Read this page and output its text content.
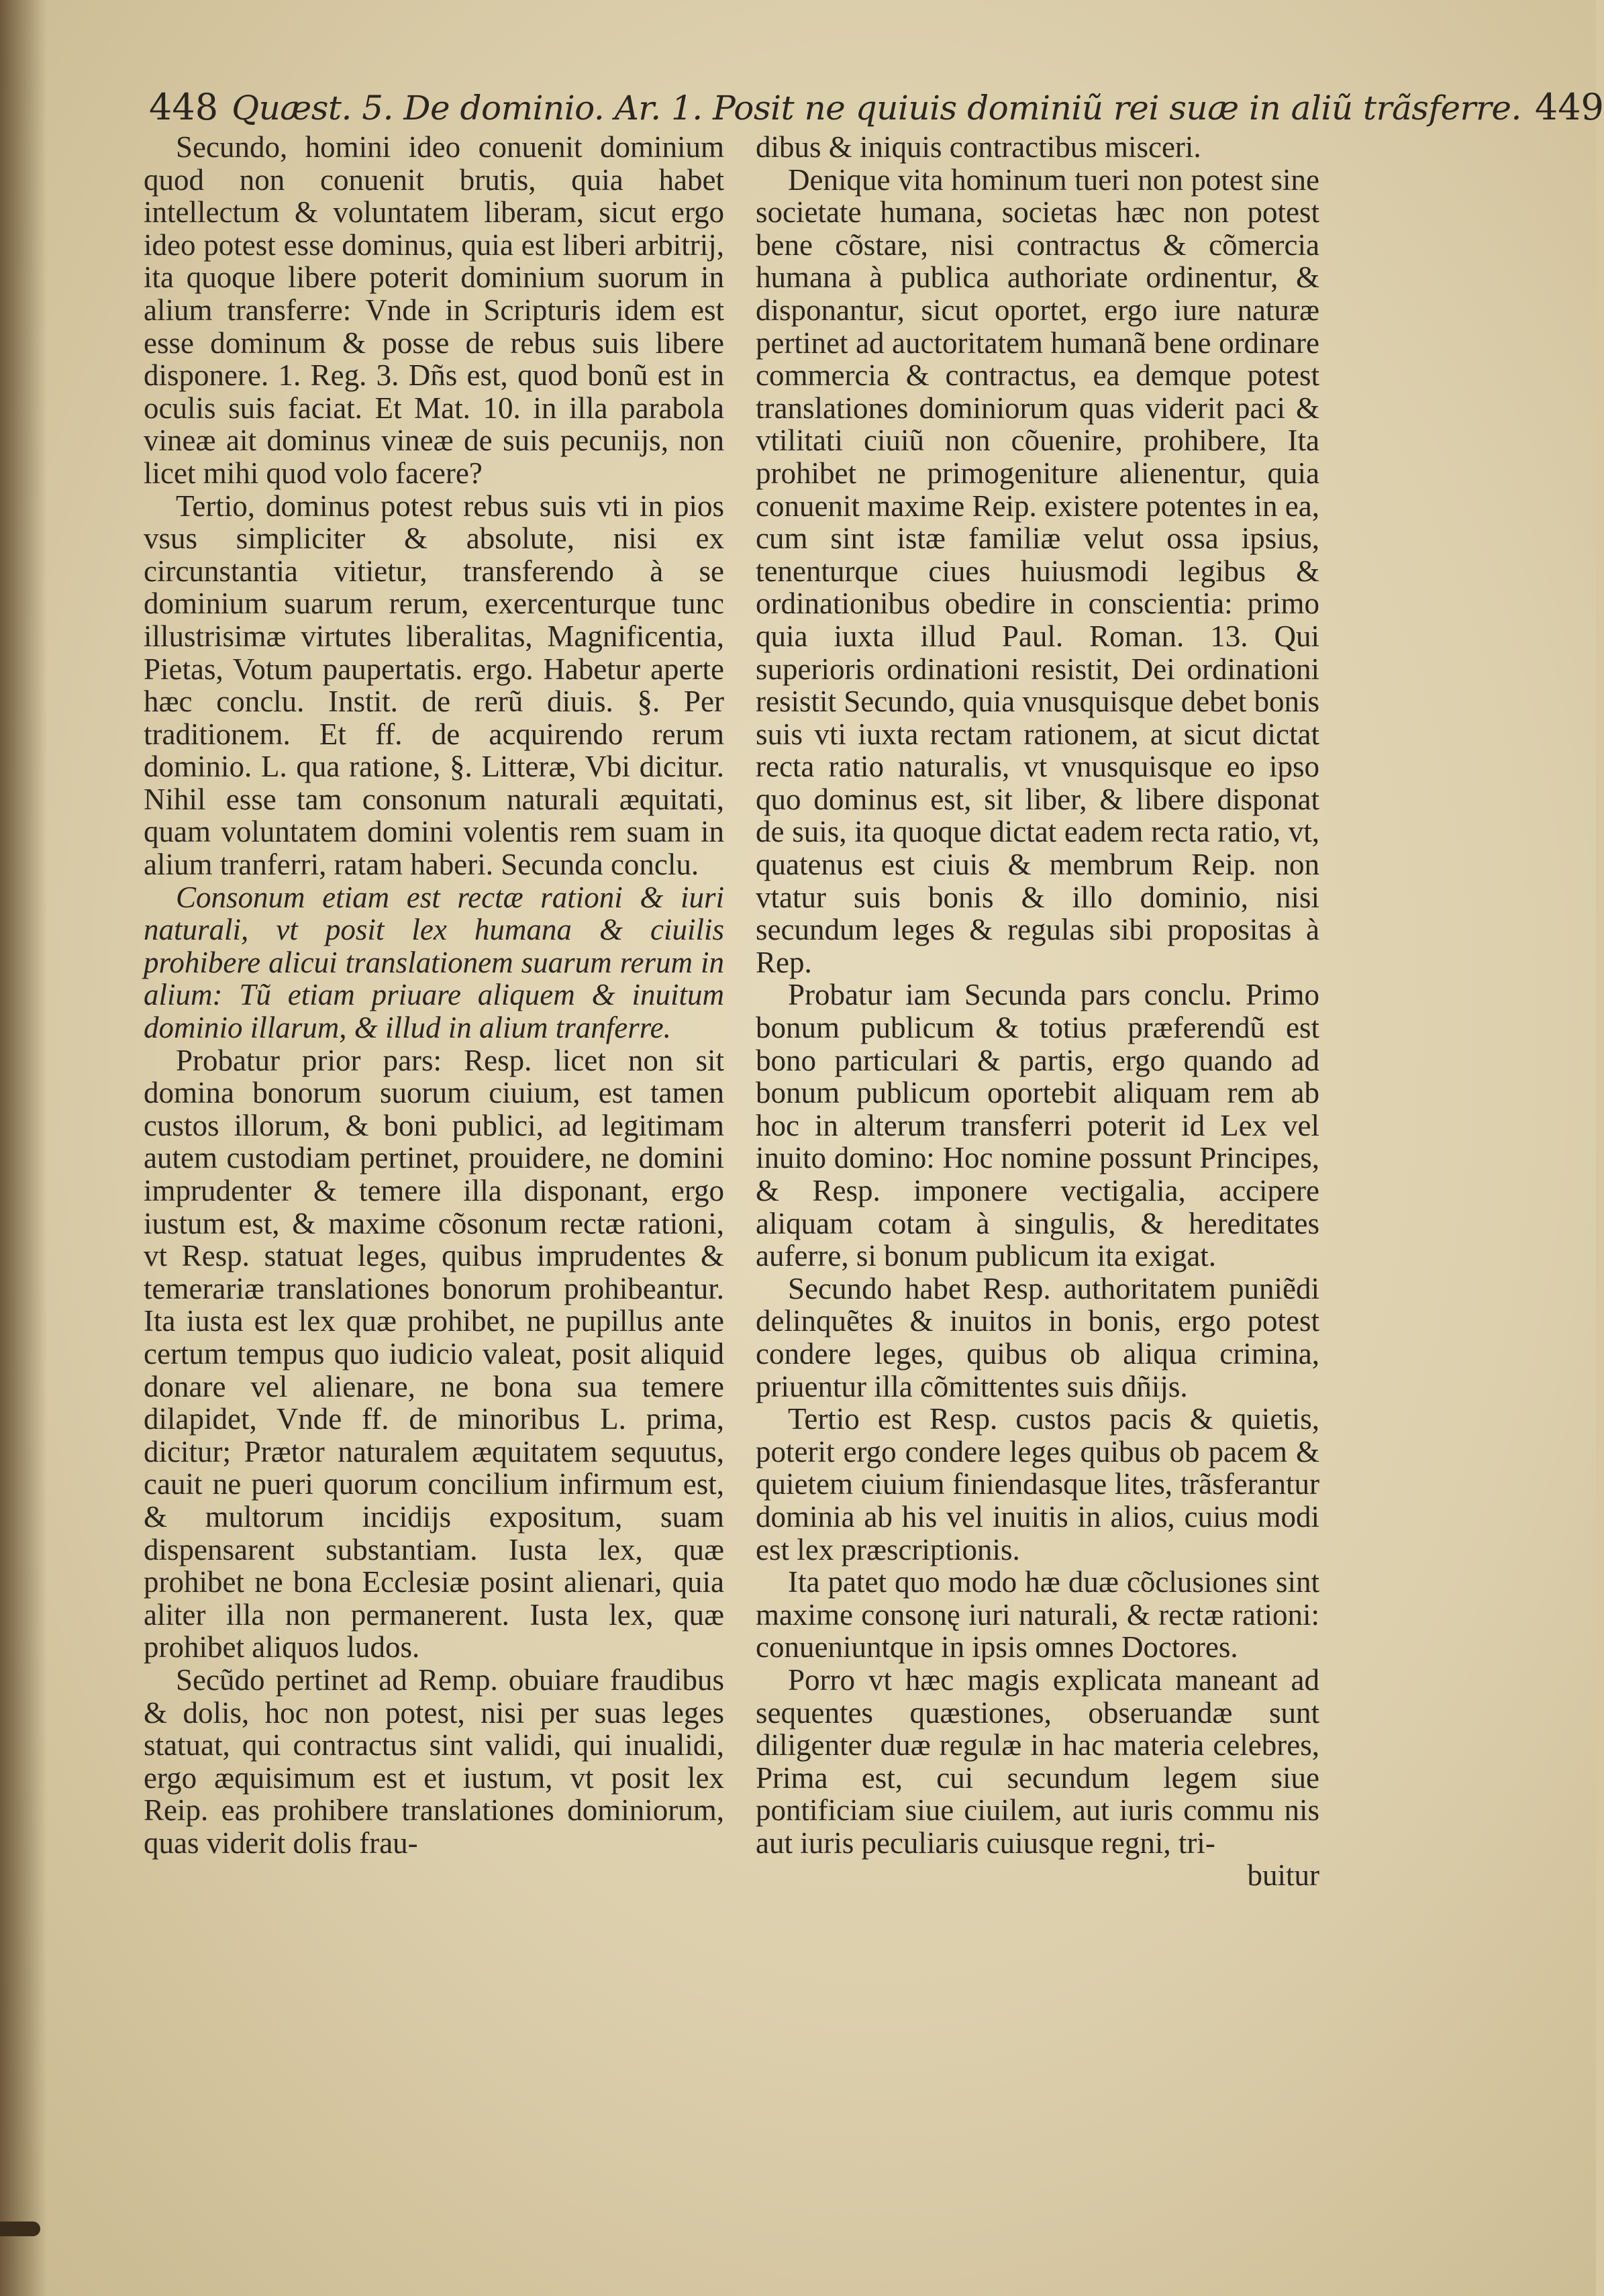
448 Quæst. 5. De dominio. Ar. 1. Posit ne quiuis dominiũ rei suæ in aliũ trãsferre. 449

Secundo, homini ideo conuenit dominium quod non conuenit brutis, quia habet intellectum & voluntatem liberam, sicut ergo ideo potest esse dominus, quia est liberi arbitrij, ita quoque libere poterit dominium suorum in alium transferre: Vnde in Scripturis idem est esse dominum & posse de rebus suis libere disponere. 1. Reg. 3. Dñs est, quod bonũ est in oculis suis faciat. Et Mat. 10. in illa parabola vineæ ait dominus vineæ de suis pecunijs, non licet mihi quod volo facere?

Tertio, dominus potest rebus suis vti in pios vsus simpliciter & absolute, nisi ex circunstantia vitietur, transferendo à se dominium suarum rerum, exercenturque tunc illustrisimæ virtutes liberalitas, Magnificentia, Pietas, Votum paupertatis. ergo. Habetur aperte hæc conclu. Instit. de rerũ diuis. §. Per traditionem. Et ff. de acquirendo rerum dominio. L. qua ratione, §. Litteræ, Vbi dicitur. Nihil esse tam consonum naturali æquitati, quam voluntatem domini volentis rem suam in alium tranferri, ratam haberi. Secunda conclu.

Consonum etiam est rectæ rationi & iuri naturali, vt posit lex humana & ciuilis prohibere alicui translationem suarum rerum in alium: Tũ etiam priuare aliquem & inuitum dominio illarum, & illud in alium tranferre.

Probatur prior pars: Resp. licet non sit domina bonorum suorum ciuium, est tamen custos illorum, & boni publici, ad legitimam autem custodiam pertinet, prouidere, ne domini imprudenter & temere illa disponant, ergo iustum est, & maxime cõsonum rectæ rationi, vt Resp. statuat leges, quibus imprudentes & temerariæ translationes bonorum prohibeantur. Ita iusta est lex quæ prohibet, ne pupillus ante certum tempus quo iudicio valeat, posit aliquid donare vel alienare, ne bona sua temere dilapidet, Vnde ff. de minoribus L. prima, dicitur; Prætor naturalem æquitatem sequutus, cauit ne pueri quorum concilium infirmum est, & multorum incidijs expositum, suam dispensarent substantiam. Iusta lex, quæ prohibet ne bona Ecclesiæ posint alienari, quia aliter illa non permanerent. Iusta lex, quæ prohibet aliquos ludos.

Secũdo pertinet ad Remp. obuiare fraudibus & dolis, hoc non potest, nisi per suas leges statuat, qui contractus sint validi, qui inualidi, ergo æquisimum est et iustum, vt posit lex Reip. eas prohibere translationes dominiorum, quas viderit dolis frau-

dibus & iniquis contractibus misceri.

Denique vita hominum tueri non potest sine societate humana, societas hæc non potest bene cõstare, nisi contractus & cõmercia humana à publica authoriate ordinentur, & disponantur, sicut oportet, ergo iure naturæ pertinet ad auctoritatem humanã bene ordinare commercia & contractus, ea demque potest translationes dominiorum quas viderit paci & vtilitati ciuiũ non cõuenire, prohibere, Ita prohibet ne primogeniture alienentur, quia conuenit maxime Reip. existere potentes in ea, cum sint istæ familiæ velut ossa ipsius, tenenturque ciues huiusmodi legibus & ordinationibus obedire in conscientia: primo quia iuxta illud Paul. Roman. 13. Qui superioris ordinationi resistit, Dei ordinationi resistit Secundo, quia vnusquisque debet bonis suis vti iuxta rectam rationem, at sicut dictat recta ratio naturalis, vt vnusquisque eo ipso quo dominus est, sit liber, & libere disponat de suis, ita quoque dictat eadem recta ratio, vt, quatenus est ciuis & membrum Reip. non vtatur suis bonis & illo dominio, nisi secundum leges & regulas sibi propositas à Rep.

Probatur iam Secunda pars conclu. Primo bonum publicum & totius præferendũ est bono particulari & partis, ergo quando ad bonum publicum oportebit aliquam rem ab hoc in alterum transferri poterit id Lex vel inuito domino: Hoc nomine possunt Principes, & Resp. imponere vectigalia, accipere aliquam cotam à singulis, & hereditates auferre, si bonum publicum ita exigat.

Secundo habet Resp. authoritatem puniẽdi delinquẽtes & inuitos in bonis, ergo potest condere leges, quibus ob aliqua crimina, priuentur illa cõmittentes suis dñijs.

Tertio est Resp. custos pacis & quietis, poterit ergo condere leges quibus ob pacem & quietem ciuium finiendasque lites, trãsferantur dominia ab his vel inuitis in alios, cuius modi est lex præscriptionis.

Ita patet quo modo hæ duæ cõclusiones sint maxime consonę iuri naturali, & rectæ rationi: conueniuntque in ipsis omnes Doctores.

Porro vt hæc magis explicata maneant ad sequentes quæstiones, obseruandæ sunt diligenter duæ regulæ in hac materia celebres, Prima est, cui secundum legem siue pontificiam siue ciuilem, aut iuris commu nis aut iuris peculiaris cuiusque regni, tri-

buitur
